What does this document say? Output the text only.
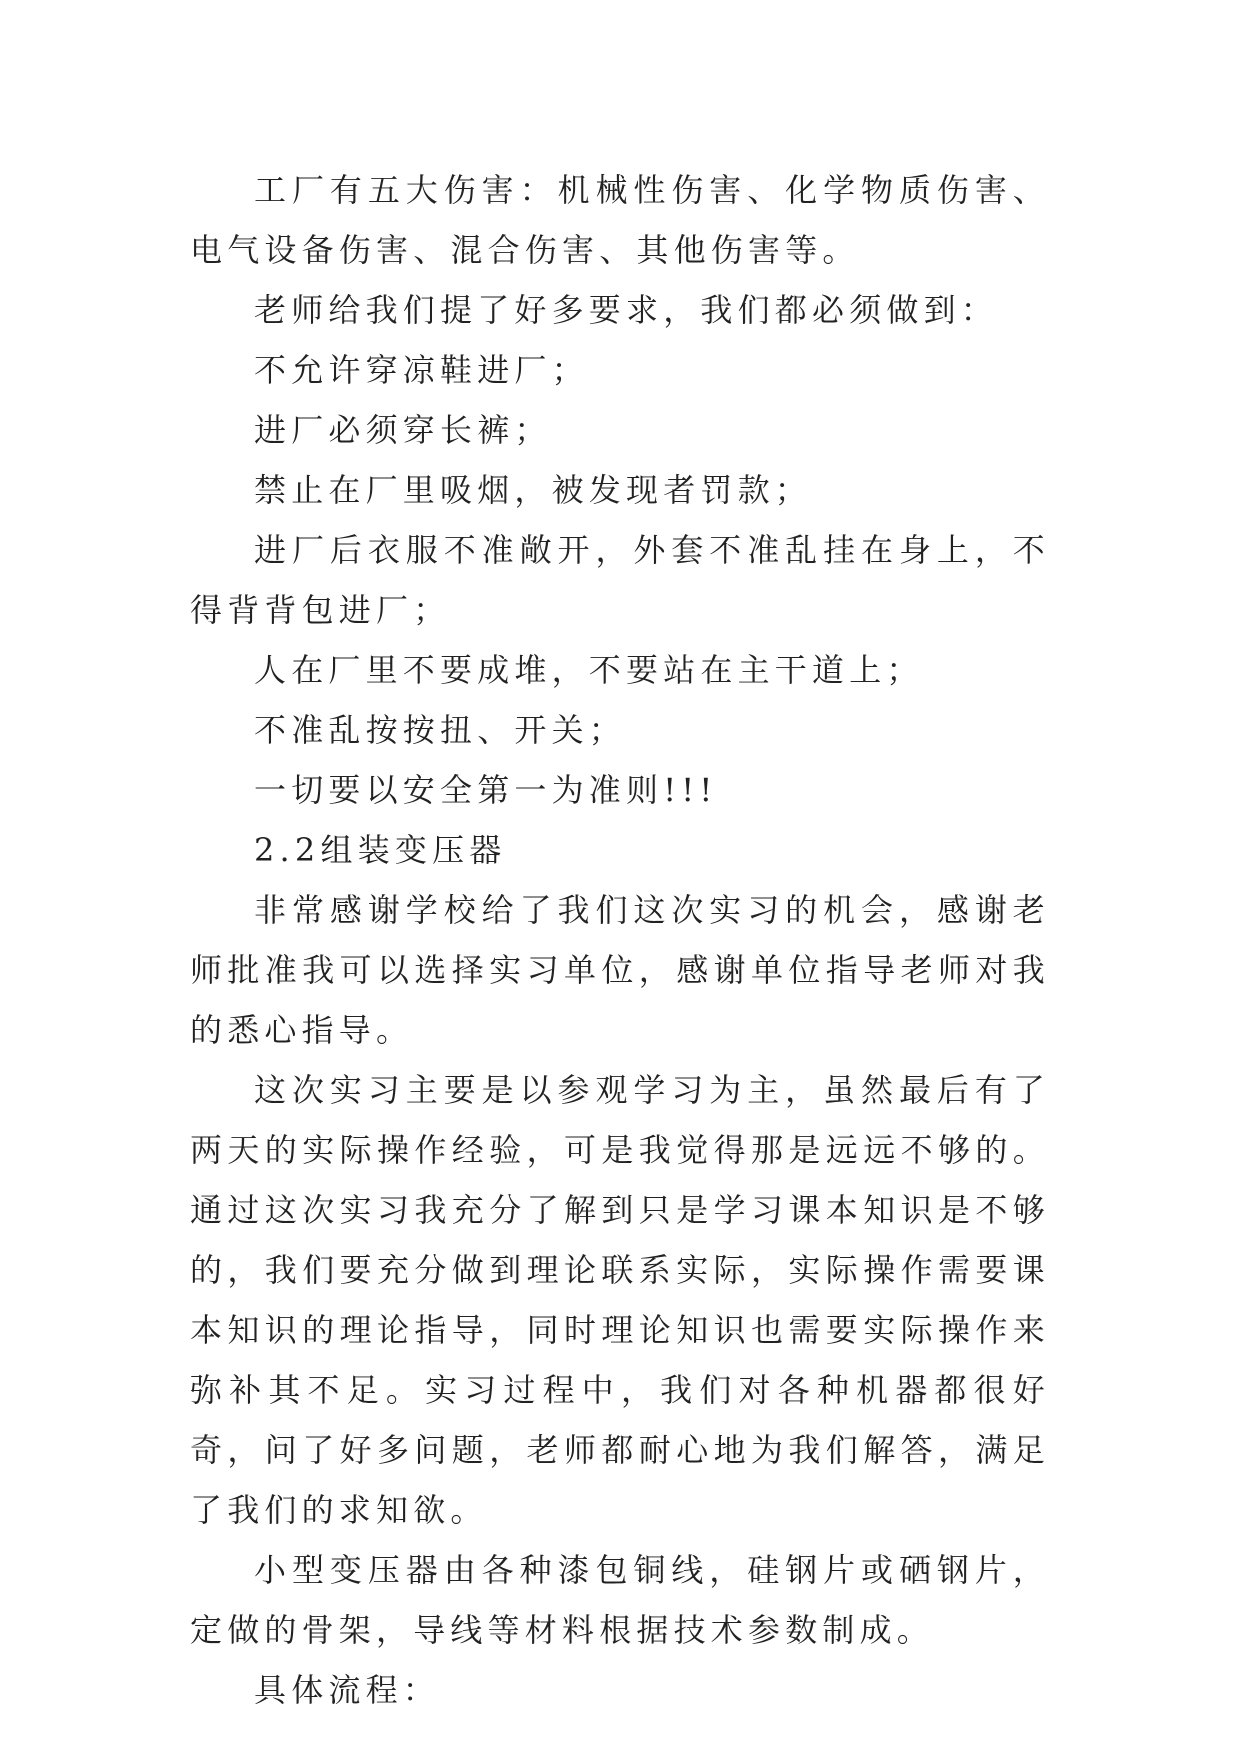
工厂有五大伤害：机械性伤害、化学物质伤害、电气设备伤害、混合伤害、其他伤害等。

老师给我们提了好多要求，我们都必须做到：

不允许穿凉鞋进厂；

进厂必须穿长裤；

禁止在厂里吸烟，被发现者罚款；

进厂后衣服不准敞开，外套不准乱挂在身上，不得背背包进厂；

人在厂里不要成堆，不要站在主干道上；

不准乱按按扭、开关；

一切要以安全第一为准则!!!

2.2组装变压器

非常感谢学校给了我们这次实习的机会，感谢老师批准我可以选择实习单位，感谢单位指导老师对我的悉心指导。

这次实习主要是以参观学习为主，虽然最后有了两天的实际操作经验，可是我觉得那是远远不够的。通过这次实习我充分了解到只是学习课本知识是不够的，我们要充分做到理论联系实际，实际操作需要课本知识的理论指导，同时理论知识也需要实际操作来弥补其不足。实习过程中，我们对各种机器都很好奇，问了好多问题，老师都耐心地为我们解答，满足了我们的求知欲。

小型变压器由各种漆包铜线，硅钢片或硒钢片，定做的骨架，导线等材料根据技术参数制成。

具体流程：
